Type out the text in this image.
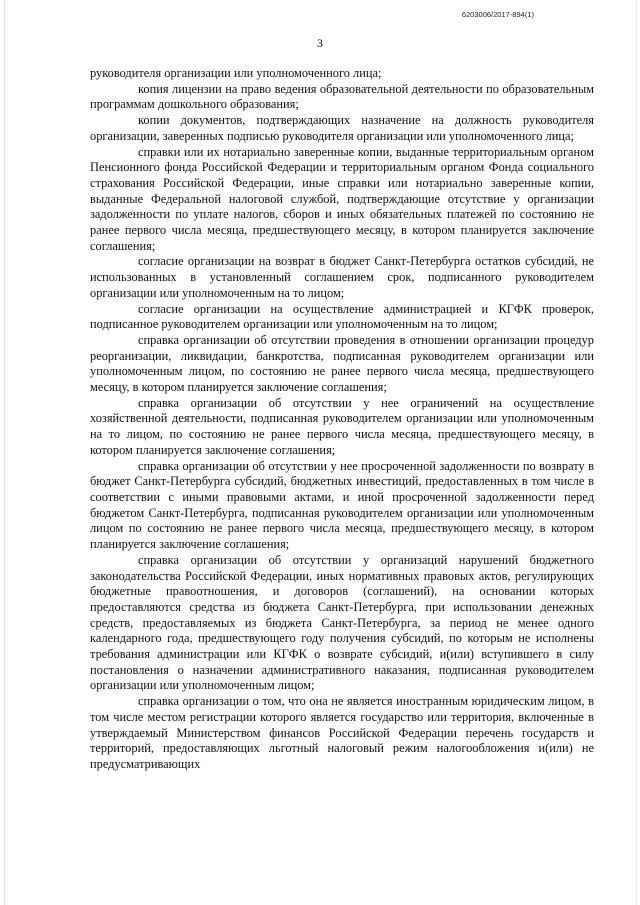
6203006/2017-894(1)
3

руководителя организации или уполномоченного лица;

копия лицензии на право ведения образовательной деятельности по образовательным программам дошкольного образования;

копии документов, подтверждающих назначение на должность руководителя организации, заверенных подписью руководителя организации или уполномоченного лица;

справки или их нотариально заверенные копии, выданные территориальным органом Пенсионного фонда Российской Федерации и территориальным органом Фонда социального страхования Российской Федерации, иные справки или нотариально заверенные копии, выданные Федеральной налоговой службой, подтверждающие отсутствие у организации задолженности по уплате налогов, сборов и иных обязательных платежей по состоянию не ранее первого числа месяца, предшествующего месяцу, в котором планируется заключение соглашения;

согласие организации на возврат в бюджет Санкт-Петербурга остатков субсидий, не использованных в установленный соглашением срок, подписанного руководителем организации или уполномоченным на то лицом;

согласие организации на осуществление администрацией и КГФК проверок, подписанное руководителем организации или уполномоченным на то лицом;

справка организации об отсутствии проведения в отношении организации процедур реорганизации, ликвидации, банкротства, подписанная руководителем организации или уполномоченным лицом, по состоянию не ранее первого числа месяца, предшествующего месяцу, в котором планируется заключение соглашения;

справка организации об отсутствии у нее ограничений на осуществление хозяйственной деятельности, подписанная руководителем организации или уполномоченным на то лицом, по состоянию не ранее первого числа месяца, предшествующего месяцу, в котором планируется заключение соглашения;

справка организации об отсутствии у нее просроченной задолженности по возврату в бюджет Санкт-Петербурга субсидий, бюджетных инвестиций, предоставленных в том числе в соответствии с иными правовыми актами, и иной просроченной задолженности перед бюджетом Санкт-Петербурга, подписанная руководителем организации или уполномоченным лицом по состоянию не ранее первого числа месяца, предшествующего месяцу, в котором планируется заключение соглашения;

справка организации об отсутствии у организаций нарушений бюджетного законодательства Российской Федерации, иных нормативных правовых актов, регулирующих бюджетные правоотношения, и договоров (соглашений), на основании которых предоставляются средства из бюджета Санкт-Петербурга, при использовании денежных средств, предоставляемых из бюджета Санкт-Петербурга, за период не менее одного календарного года, предшествующего году получения субсидий, по которым не исполнены требования администрации или КГФК о возврате субсидий, и(или) вступившего в силу постановления о назначении административного наказания, подписанная руководителем организации или уполномоченным лицом;

справка организации о том, что она не является иностранным юридическим лицом, в том числе местом регистрации которого является государство или территория, включенные в утверждаемый Министерством финансов Российской Федерации перечень государств и территорий, предоставляющих льготный налоговый режим налогообложения и(или) не предусматривающих
